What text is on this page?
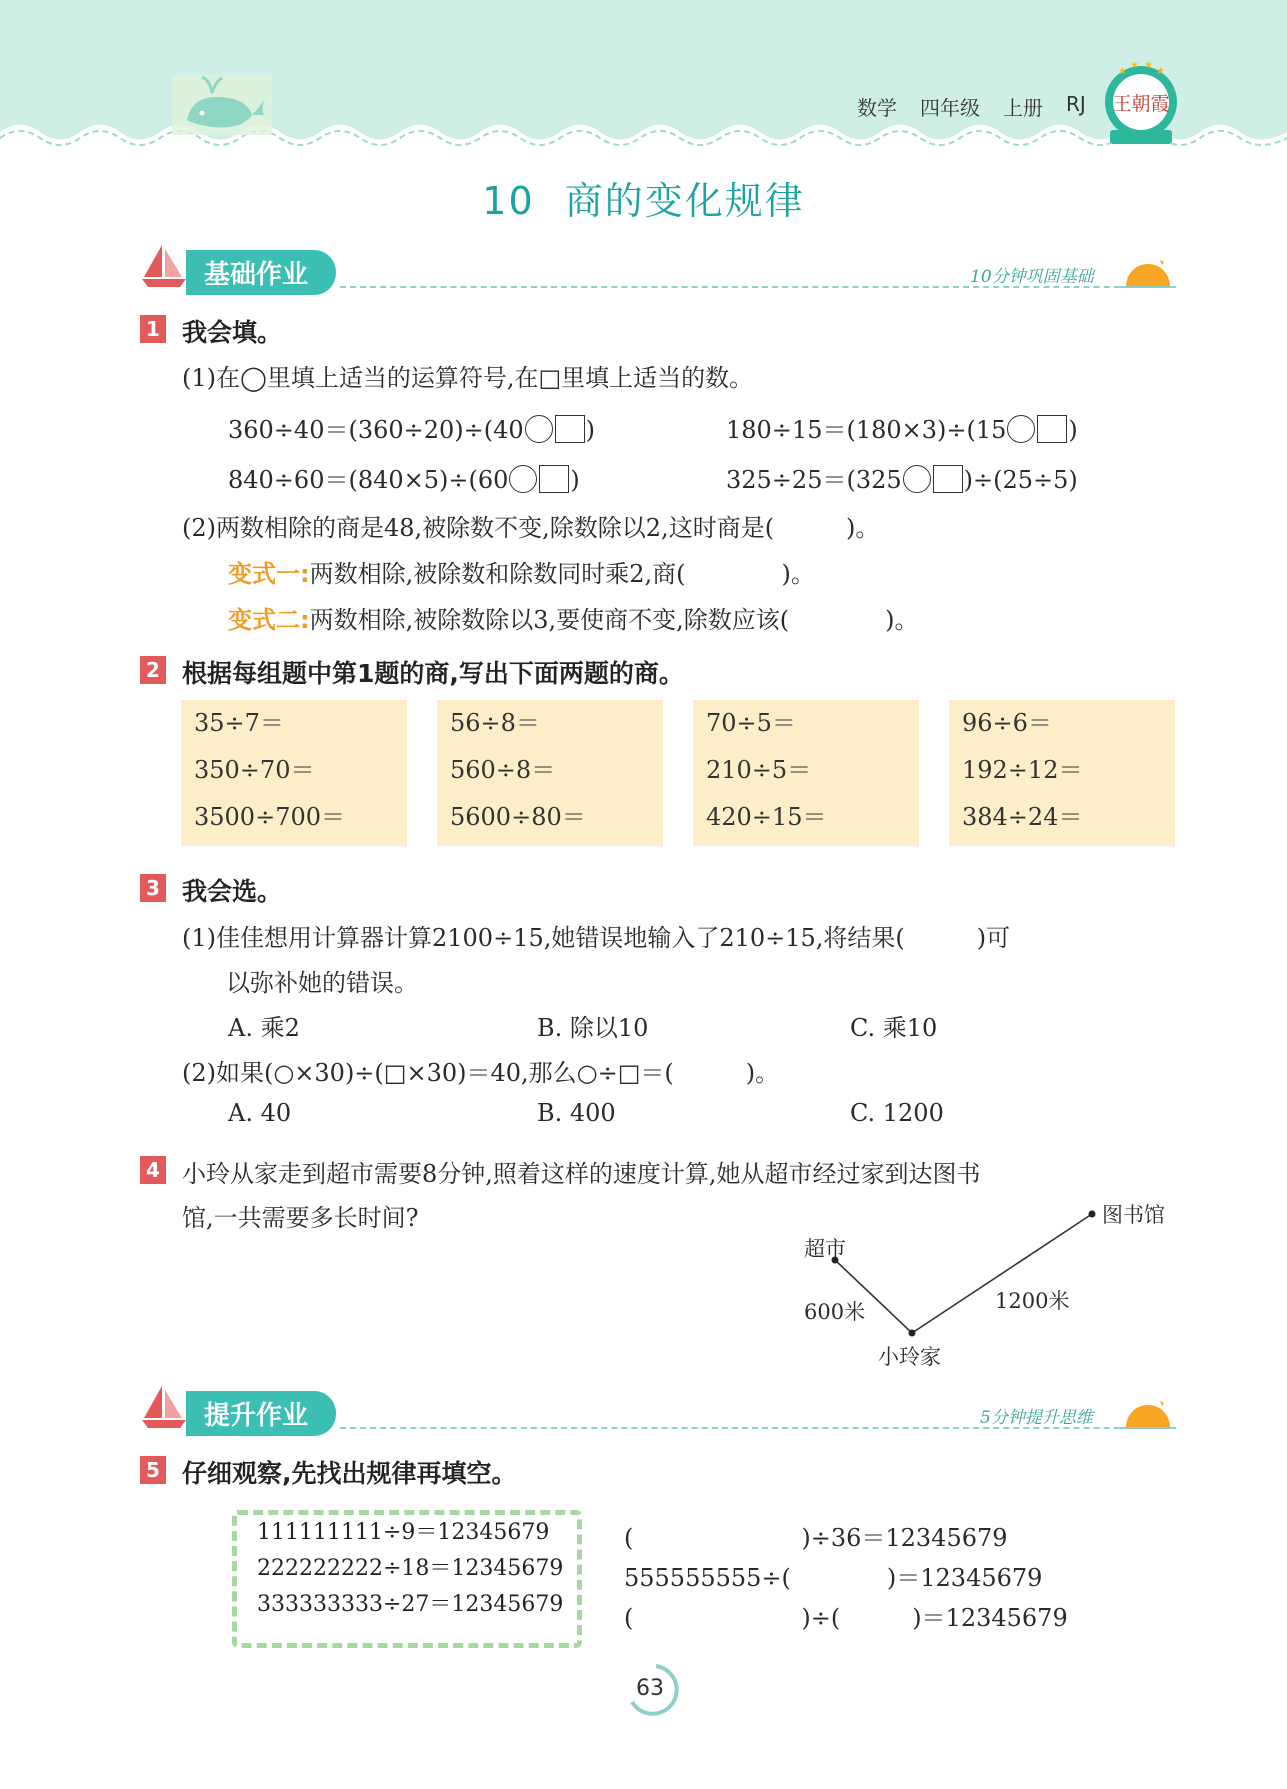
数学 四年级 上册 RJ 王朝霞
★
★ ★
★
10 商的变化规律
基础作业	10分钟巩固基础
1 我会填。
(1)在◯里填上适当的运算符号,在□里填上适当的数。
360÷40＝(360÷20)÷(40	)	180÷15＝(180×3)÷(15	)
840÷60＝(840×5)÷(60	)	325÷25＝(325	)÷(25÷5)
(2)两数相除的商是48,被除数不变,除数除以2,这时商是(　　　)。
变式一:两数相除,被除数和除数同时乘2,商(　　　　)。
变式二:两数相除,被除数除以3,要使商不变,除数应该(　　　　)。
2 根据每组题中第1题的商,写出下面两题的商。
35÷7＝
350÷70＝
3500÷700＝
56÷8＝
560÷8＝
5600÷80＝
70÷5＝
210÷5＝
420÷15＝
96÷6＝
192÷12＝
384÷24＝
3 我会选。
(1)佳佳想用计算器计算2100÷15,她错误地输入了210÷15,将结果(　　　)可
以弥补她的错误。
A. 乘2	B. 除以10	C. 乘10
(2)如果(○×30)÷(□×30)＝40,那么○÷□＝(　　　)。
A. 40	B. 400	C. 1200
4 小玲从家走到超市需要8分钟,照着这样的速度计算,她从超市经过家到达图书
馆,一共需要多长时间?
超市
图书馆
小玲家
600米	1200米
提升作业	5分钟提升思维
5 仔细观察,先找出规律再填空。
111111111÷9＝12345679
222222222÷18＝12345679
333333333÷27＝12345679
(　　　　　　　)÷36＝12345679
555555555÷(　　　　)＝12345679
(　　　　　　　)÷(　　　)＝12345679
63
